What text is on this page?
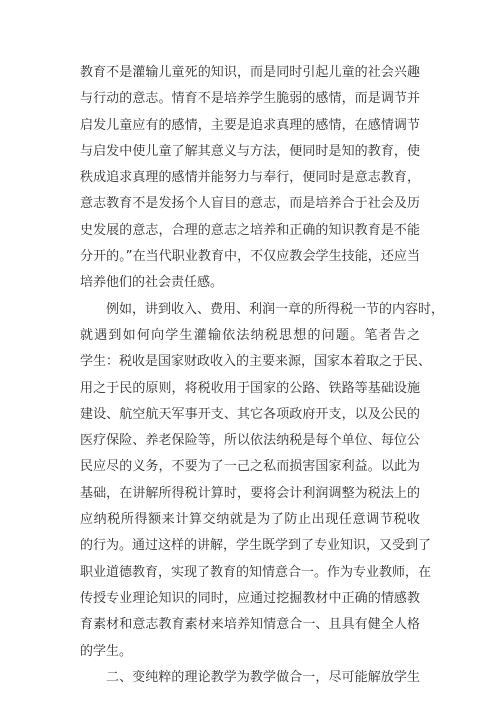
教育不是灌输儿童死的知识，而是同时引起儿童的社会兴趣
与行动的意志。情育不是培养学生脆弱的感情，而是调节并
启发儿童应有的感情，主要是追求真理的感情，在感情调节
与启发中使儿童了解其意义与方法，便同时是知的教育，使
秩成追求真理的感情并能努力与奉行，便同时是意志教育，
意志教育不是发扬个人盲目的意志，而是培养合于社会及历
史发展的意志，合理的意志之培养和正确的知识教育是不能
分开的。”在当代职业教育中，不仅应教会学生技能，还应当
培养他们的社会责任感。
例如，讲到收入、费用、利润一章的所得税一节的内容时，
就遇到如何向学生灌输依法纳税思想的问题。笔者告之
学生：税收是国家财政收入的主要来源，国家本着取之于民、
用之于民的原则，将税收用于国家的公路、铁路等基础设施
建设、航空航天军事开支、其它各项政府开支，以及公民的
医疗保险、养老保险等，所以依法纳税是每个单位、每位公
民应尽的义务，不要为了一己之私而损害国家利益。以此为
基础，在讲解所得税计算时，要将会计利润调整为税法上的
应纳税所得额来计算交纳就是为了防止出现任意调节税收
的行为。通过这样的讲解，学生既学到了专业知识，又受到了
职业道德教育，实现了教育的知情意合一。作为专业教师，在
传授专业理论知识的同时，应通过挖掘教材中正确的情感教
育素材和意志教育素材来培养知情意合一、且具有健全人格
的学生。
二、变纯粹的理论教学为教学做合一，尽可能解放学生
